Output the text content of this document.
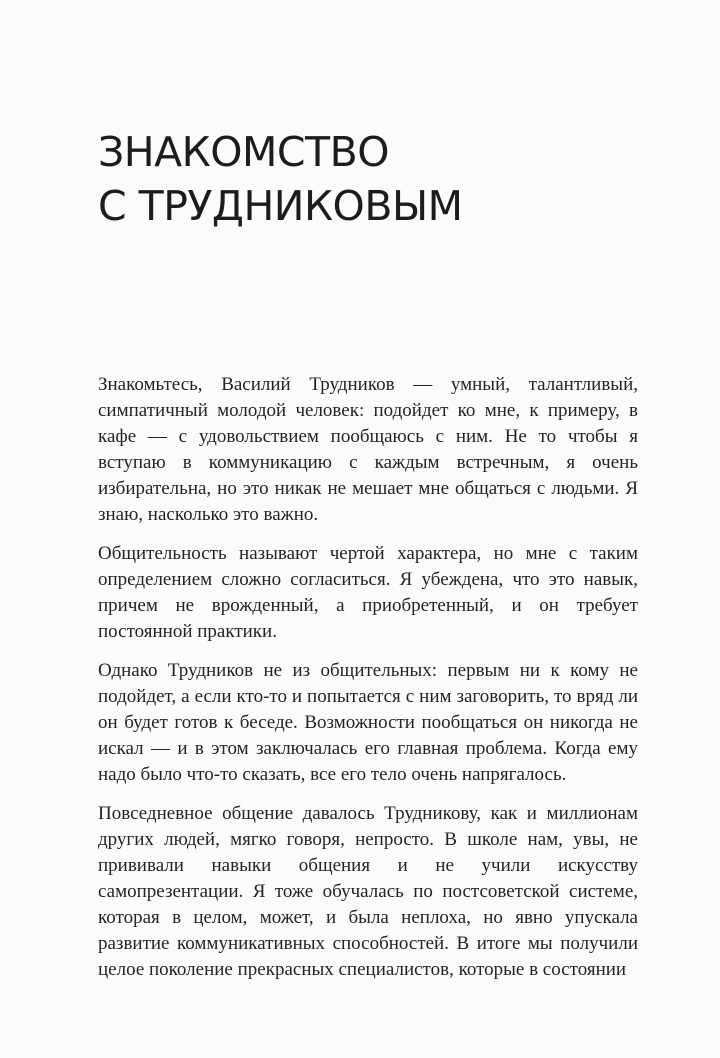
ЗНАКОМСТВО
С ТРУДНИКОВЫМ

Знакомьтесь, Василий Трудников — умный, талантливый, симпатичный молодой человек: подойдет ко мне, к примеру, в кафе — с удовольствием пообщаюсь с ним. Не то чтобы я вступаю в коммуникацию с каждым встречным, я очень избирательна, но это никак не мешает мне общаться с людьми. Я знаю, насколько это важно.

Общительность называют чертой характера, но мне с таким определением сложно согласиться. Я убеждена, что это навык, причем не врожденный, а приобретенный, и он требует постоянной практики.

Однако Трудников не из общительных: первым ни к кому не подойдет, а если кто-то и попытается с ним заговорить, то вряд ли он будет готов к беседе. Возможности пообщаться он никогда не искал — и в этом заключалась его главная проблема. Когда ему надо было что-то сказать, все его тело очень напрягалось.

Повседневное общение давалось Трудникову, как и миллионам других людей, мягко говоря, непросто. В школе нам, увы, не прививали навыки общения и не учили искусству самопрезентации. Я тоже обучалась по постсоветской системе, которая в целом, может, и была неплоха, но явно упускала развитие коммуникативных способностей. В итоге мы получили целое поколение прекрасных специалистов, которые в состоянии
